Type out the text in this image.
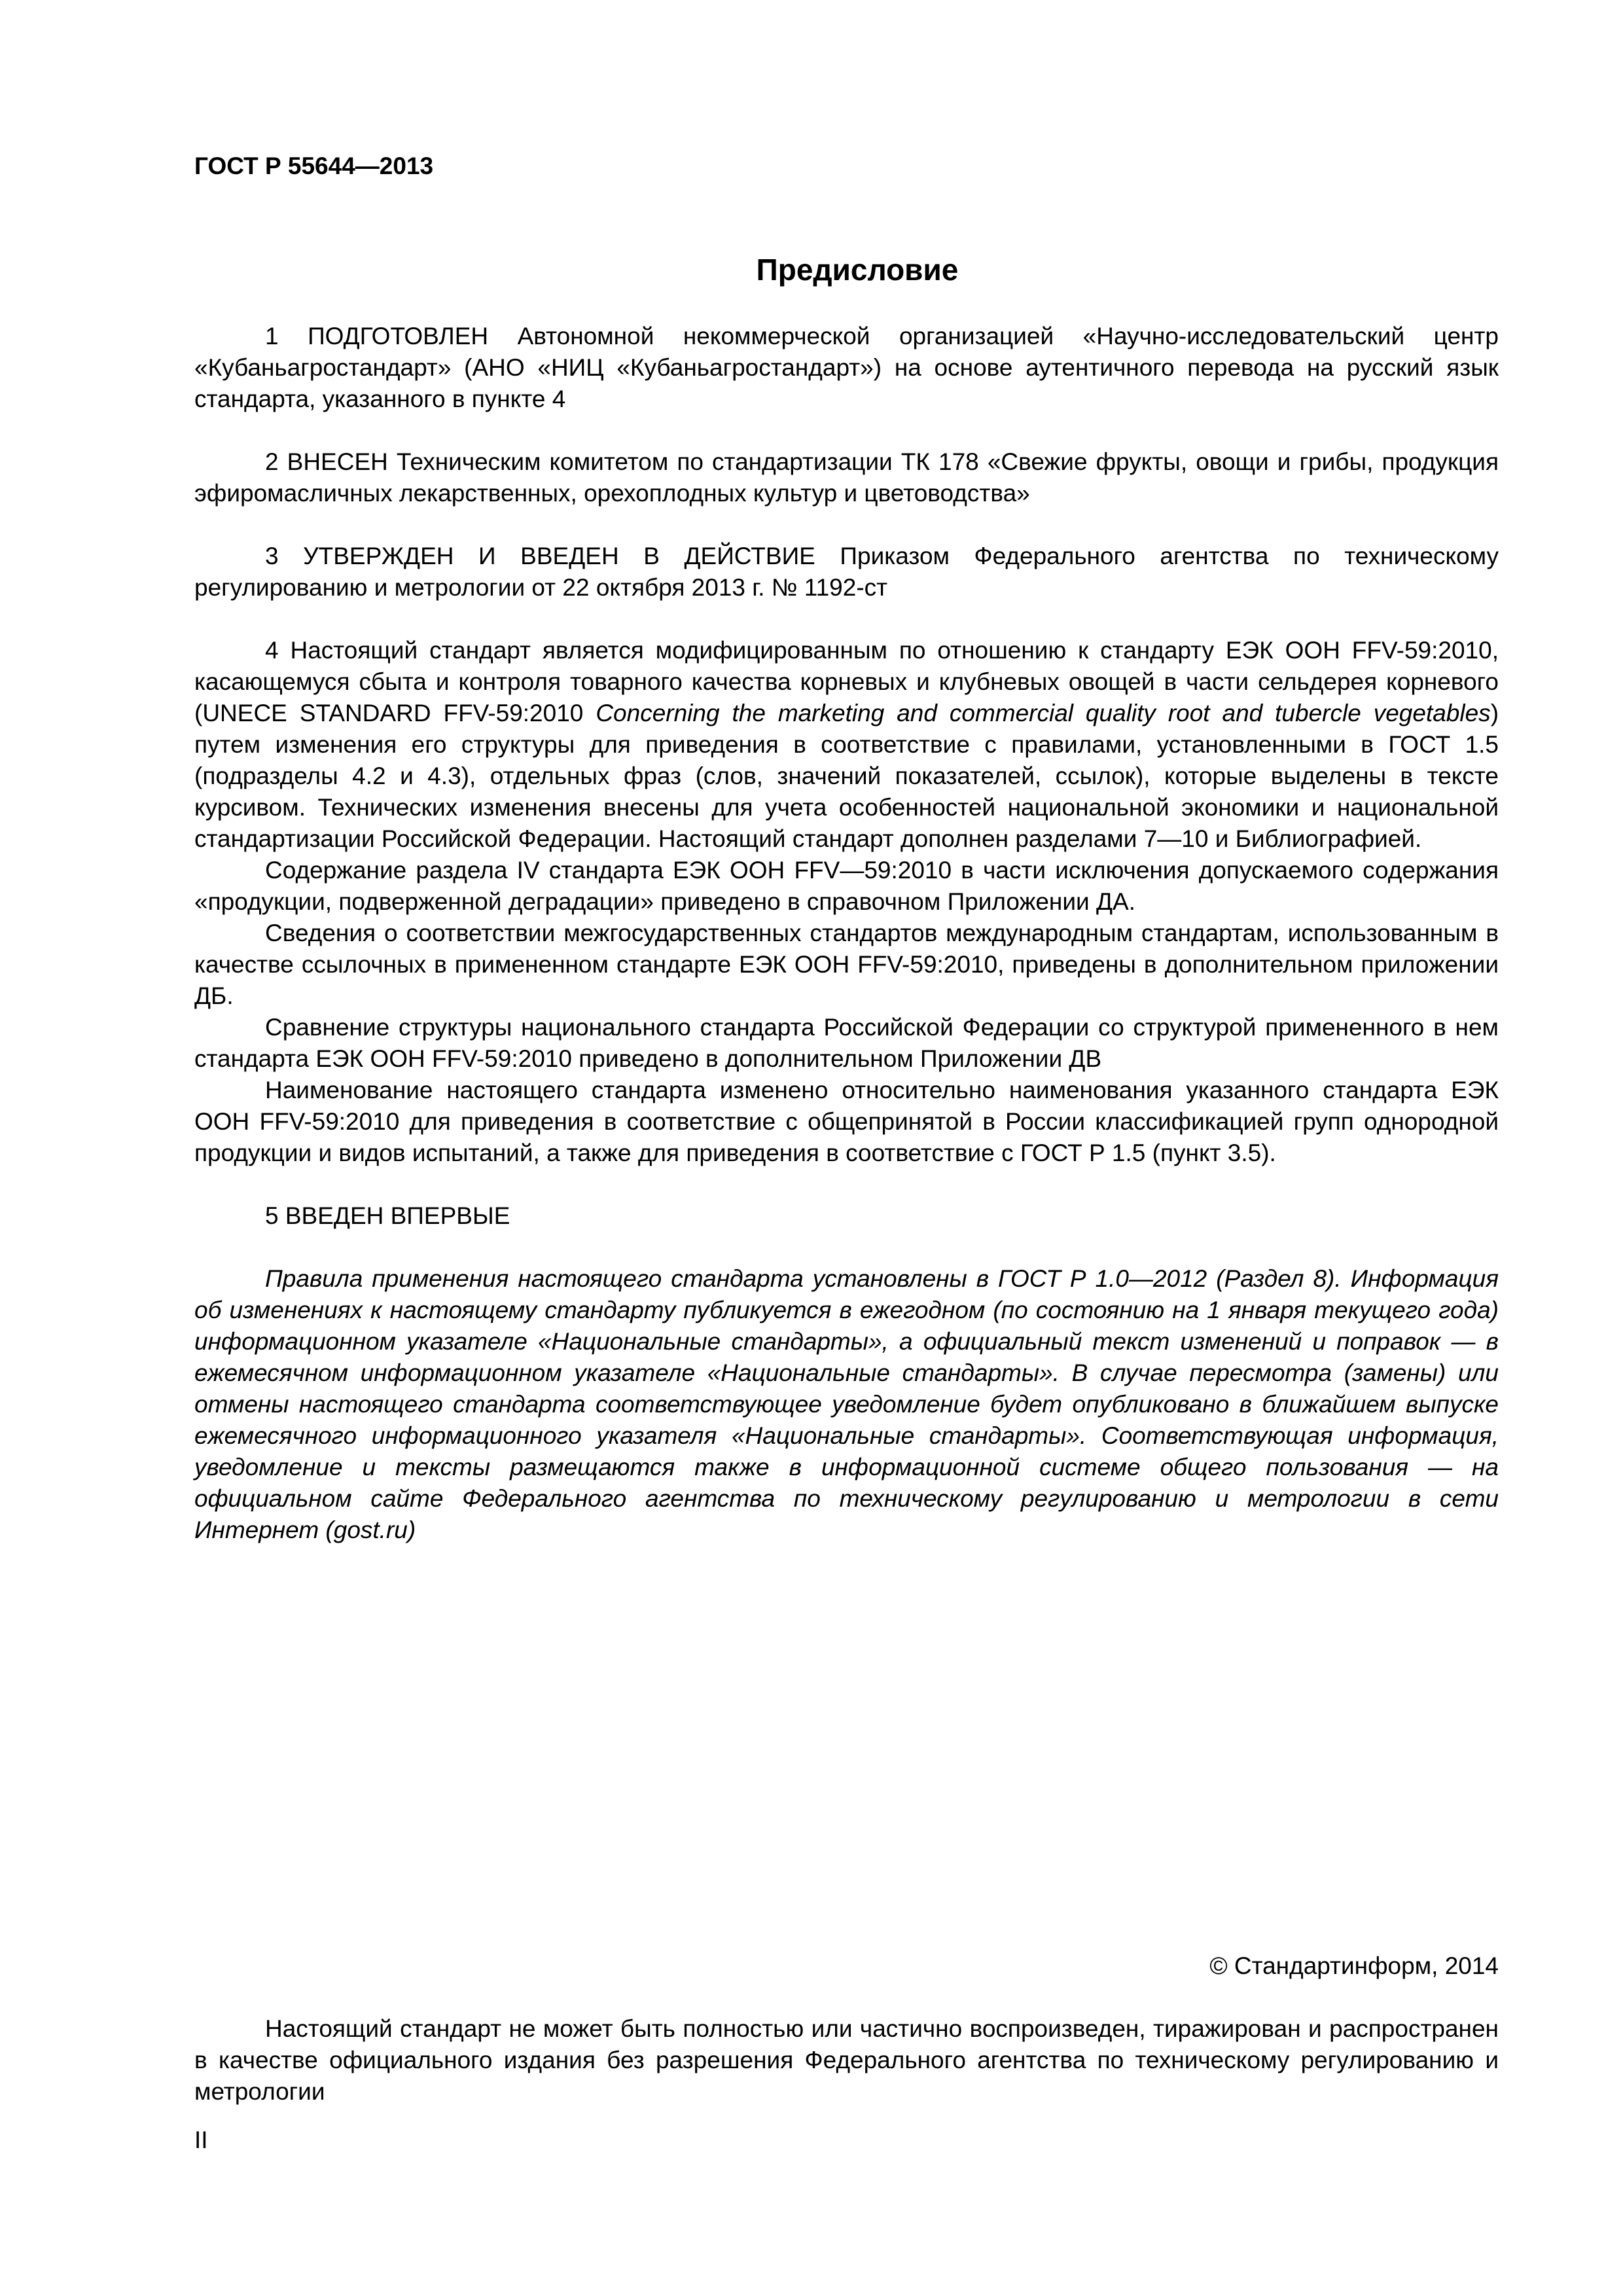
ГОСТ Р 55644—2013
Предисловие

1 ПОДГОТОВЛЕН Автономной некоммерческой организацией «Научно-исследовательский центр «Кубаньагростандарт» (АНО «НИЦ «Кубаньагростандарт») на основе аутентичного перевода на русский язык стандарта, указанного в пункте 4

2 ВНЕСЕН Техническим комитетом по стандартизации ТК 178 «Свежие фрукты, овощи и грибы, продукция эфиромасличных лекарственных, орехоплодных культур и цветоводства»

3 УТВЕРЖДЕН И ВВЕДЕН В ДЕЙСТВИЕ Приказом Федерального агентства по техническому регулированию и метрологии от 22 октября 2013 г. № 1192-ст

4 Настоящий стандарт является модифицированным по отношению к стандарту ЕЭК ООН FFV-59:2010, касающемуся сбыта и контроля товарного качества корневых и клубневых овощей в части сельдерея корневого (UNECE STANDARD FFV-59:2010 Concerning the marketing and commercial quality root and tubercle vegetables) путем изменения его структуры для приведения в соответствие с правилами, установленными в ГОСТ 1.5 (подразделы 4.2 и 4.3), отдельных фраз (слов, значений показателей, ссылок), которые выделены в тексте курсивом. Технических изменения внесены для учета особенностей национальной экономики и национальной стандартизации Российской Федерации. Настоящий стандарт дополнен разделами 7—10 и Библиографией.

Содержание раздела IV стандарта ЕЭК ООН FFV—59:2010 в части исключения допускаемого содержания «продукции, подверженной деградации» приведено в справочном Приложении ДА.

Сведения о соответствии межгосударственных стандартов международным стандартам, использованным в качестве ссылочных в примененном стандарте ЕЭК ООН FFV-59:2010, приведены в дополнительном приложении ДБ.

Сравнение структуры национального стандарта Российской Федерации со структурой примененного в нем стандарта ЕЭК ООН FFV-59:2010 приведено в дополнительном Приложении ДВ

Наименование настоящего стандарта изменено относительно наименования указанного стандарта ЕЭК ООН FFV-59:2010 для приведения в соответствие с общепринятой в России классификацией групп однородной продукции и видов испытаний, а также для приведения в соответствие с ГОСТ Р 1.5 (пункт 3.5).

5 ВВЕДЕН ВПЕРВЫЕ

Правила применения настоящего стандарта установлены в ГОСТ Р 1.0—2012 (Раздел 8). Информация об изменениях к настоящему стандарту публикуется в ежегодном (по состоянию на 1 января текущего года) информационном указателе «Национальные стандарты», а официальный текст изменений и поправок — в ежемесячном информационном указателе «Национальные стандарты». В случае пересмотра (замены) или отмены настоящего стандарта соответствующее уведомление будет опубликовано в ближайшем выпуске ежемесячного информационного указателя «Национальные стандарты». Соответствующая информация, уведомление и тексты размещаются также в информационной системе общего пользования — на официальном сайте Федерального агентства по техническому регулированию и метрологии в сети Интернет (gost.ru)

© Стандартинформ, 2014

Настоящий стандарт не может быть полностью или частично воспроизведен, тиражирован и распространен в качестве официального издания без разрешения Федерального агентства по техническому регулированию и метрологии

II
